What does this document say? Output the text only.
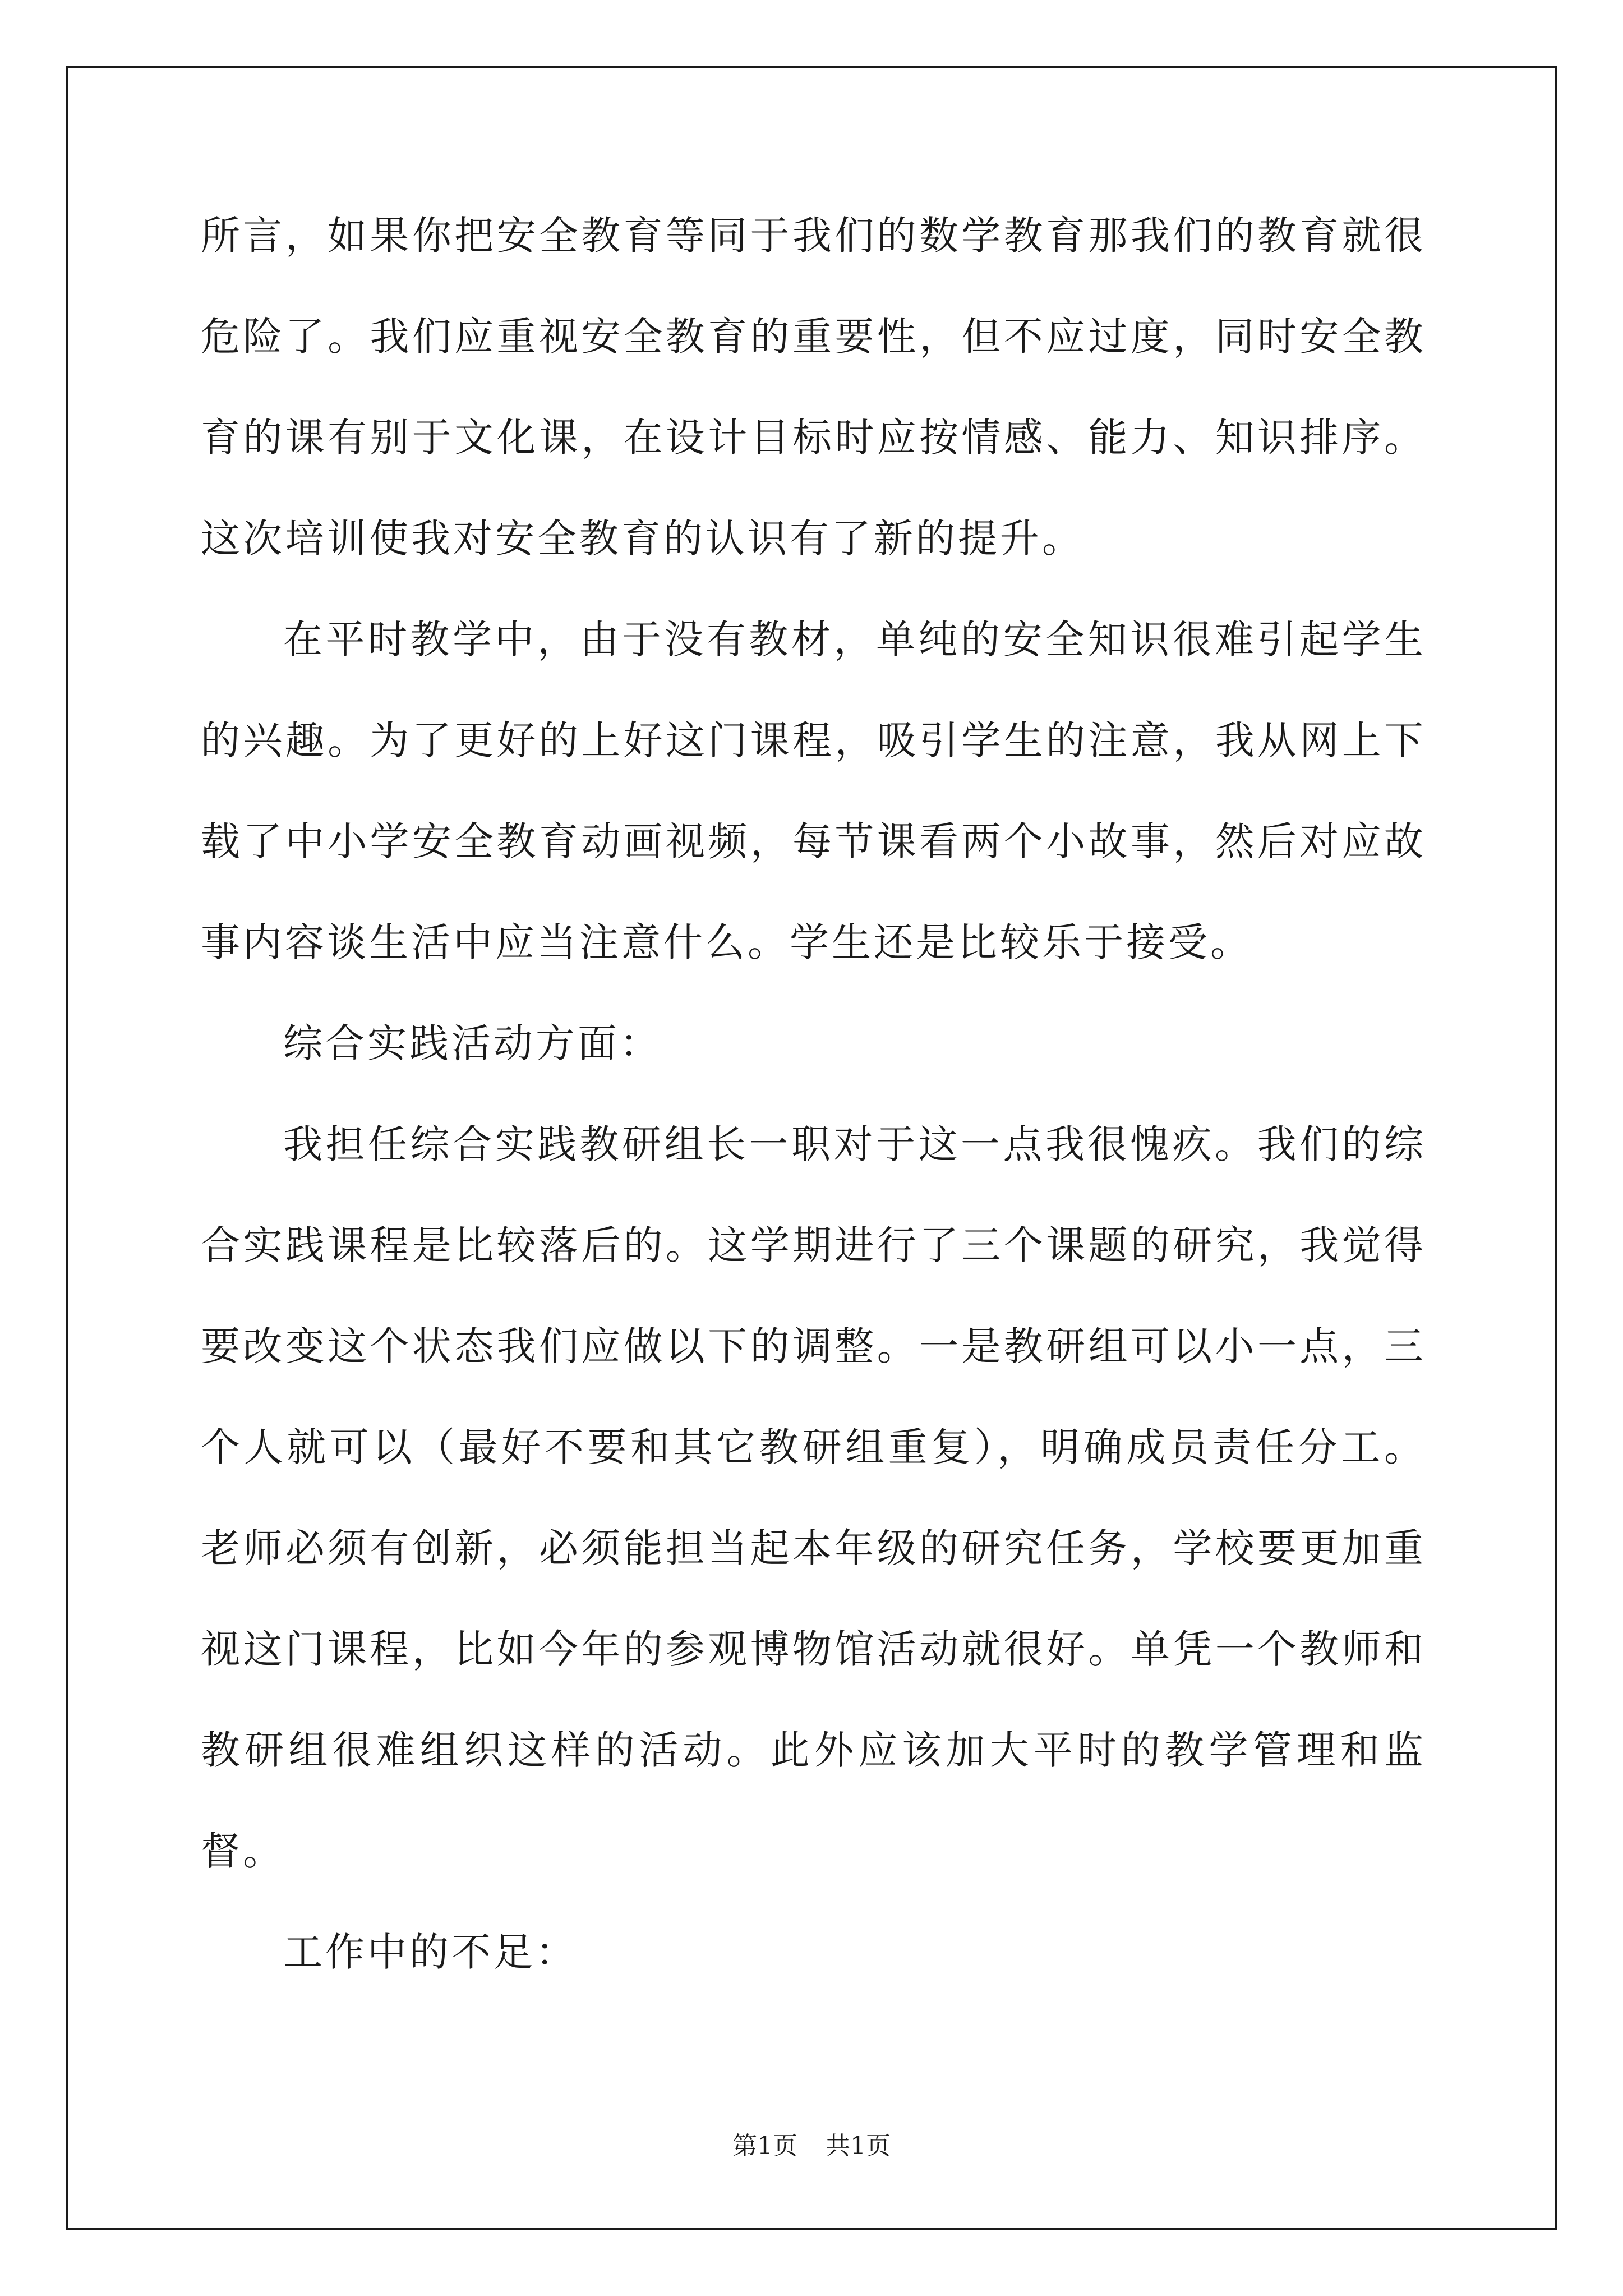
所言，如果你把安全教育等同于我们的数学教育那我们的教育就很危险了。我们应重视安全教育的重要性，但不应过度，同时安全教育的课有别于文化课，在设计目标时应按情感、能力、知识排序。这次培训使我对安全教育的认识有了新的提升。

在平时教学中，由于没有教材，单纯的安全知识很难引起学生的兴趣。为了更好的上好这门课程，吸引学生的注意，我从网上下载了中小学安全教育动画视频，每节课看两个小故事，然后对应故事内容谈生活中应当注意什么。学生还是比较乐于接受。

综合实践活动方面：

我担任综合实践教研组长一职对于这一点我很愧疚。我们的综合实践课程是比较落后的。这学期进行了三个课题的研究，我觉得要改变这个状态我们应做以下的调整。一是教研组可以小一点，三个人就可以（最好不要和其它教研组重复），明确成员责任分工。老师必须有创新，必须能担当起本年级的研究任务，学校要更加重视这门课程，比如今年的参观博物馆活动就很好。单凭一个教师和教研组很难组织这样的活动。此外应该加大平时的教学管理和监督。

工作中的不足：

第1页 共1页
